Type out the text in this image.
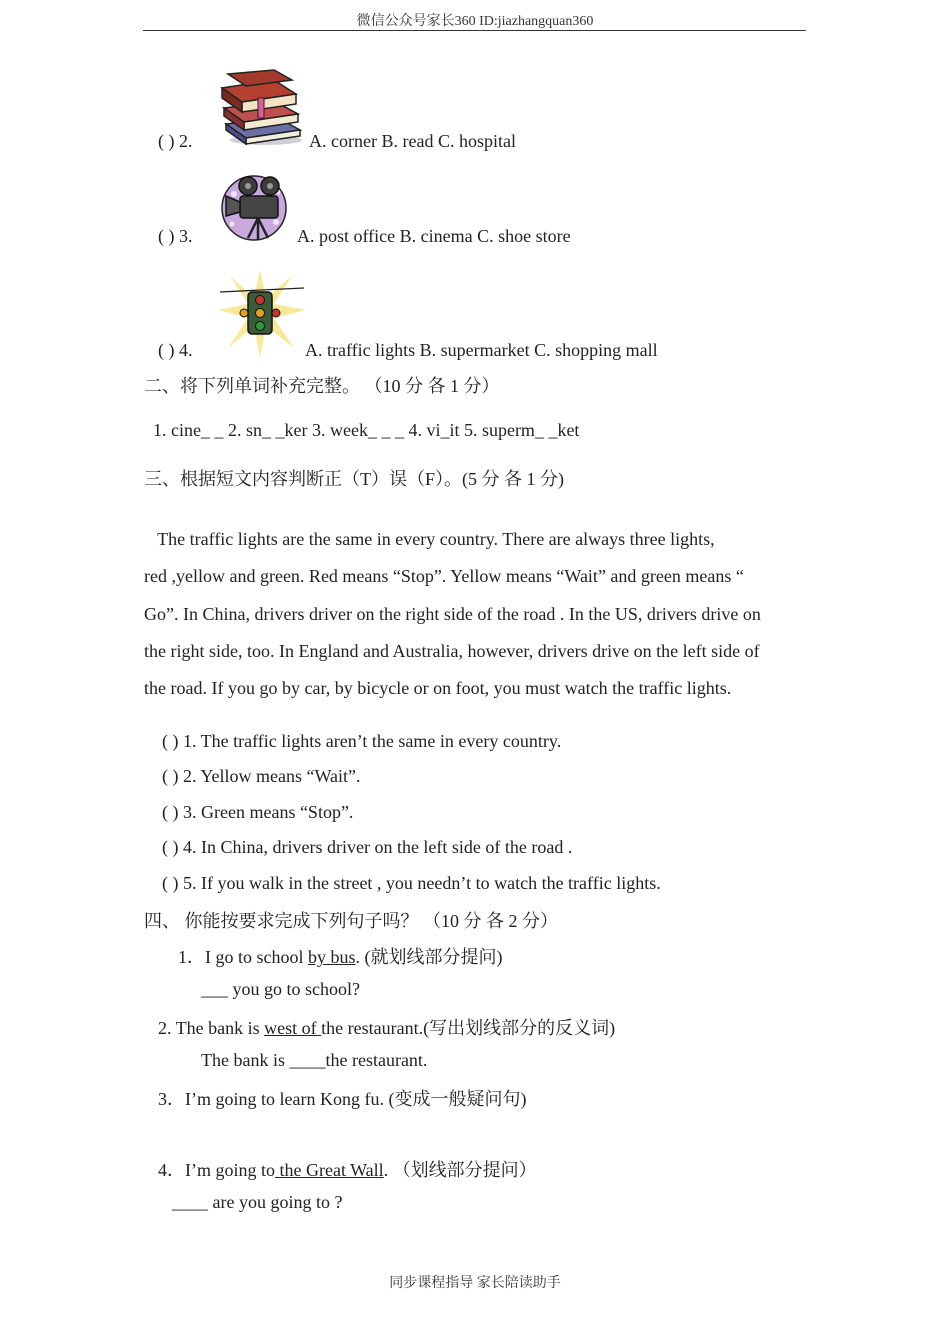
微信公众号家长360 ID:jiazhangquan360
( ) 2.	A. corner B. read C. hospital
( ) 3.	A. post office B. cinema C. shoe store
( ) 4.	A. traffic lights B. supermarket C. shopping mall
二、将下列单词补充完整。 （10 分 各 1 分）
1. cine_ _ 2. sn_ _ker 3. week_ _ _ 4. vi_it 5. superm_ _ket
三、根据短文内容判断正（T）误（F）。(5 分 各 1 分)

The traffic lights are the same in every country. There are always three lights,

red ,yellow and green. Red means “Stop”. Yellow means “Wait” and green means “

Go”. In China, drivers driver on the right side of the road . In the US, drivers drive on

the right side, too. In England and Australia, however, drivers drive on the left side of

the road. If you go by car, by bicycle or on foot, you must watch the traffic lights.

( ) 1. The traffic lights aren’t the same in every country.
( ) 2. Yellow means “Wait”.
( ) 3. Green means “Stop”.
( ) 4. In China, drivers driver on the left side of the road .
( ) 5. If you walk in the street , you needn’t to watch the traffic lights.
四、 你能按要求完成下列句子吗？ （10 分 各 2 分）
1．I go to school by bus. (就划线部分提问)
___ you go to school?
2. The bank is west of the restaurant.(写出划线部分的反义词)
The bank is ____the restaurant.
3．I’m going to learn Kong fu. (变成一般疑问句)
4．I’m going to the Great Wall. （划线部分提问）
____ are you going to ?
同步课程指导 家长陪读助手
